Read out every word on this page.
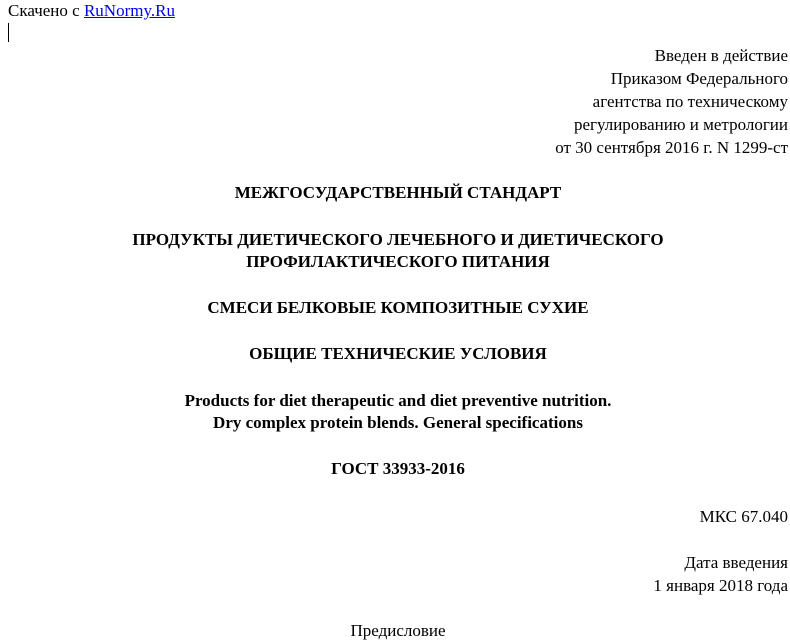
Скачено с RuNormy.Ru
Введен в действие
Приказом Федерального
агентства по техническому
регулированию и метрологии
от 30 сентября 2016 г. N 1299-ст
МЕЖГОСУДАРСТВЕННЫЙ СТАНДАРТ
ПРОДУКТЫ ДИЕТИЧЕСКОГО ЛЕЧЕБНОГО И ДИЕТИЧЕСКОГО
ПРОФИЛАКТИЧЕСКОГО ПИТАНИЯ
СМЕСИ БЕЛКОВЫЕ КОМПОЗИТНЫЕ СУХИЕ
ОБЩИЕ ТЕХНИЧЕСКИЕ УСЛОВИЯ
Products for diet therapeutic and diet preventive nutrition.
Dry complex protein blends. General specifications
ГОСТ 33933-2016
МКС 67.040
Дата введения
1 января 2018 года
Предисловие
